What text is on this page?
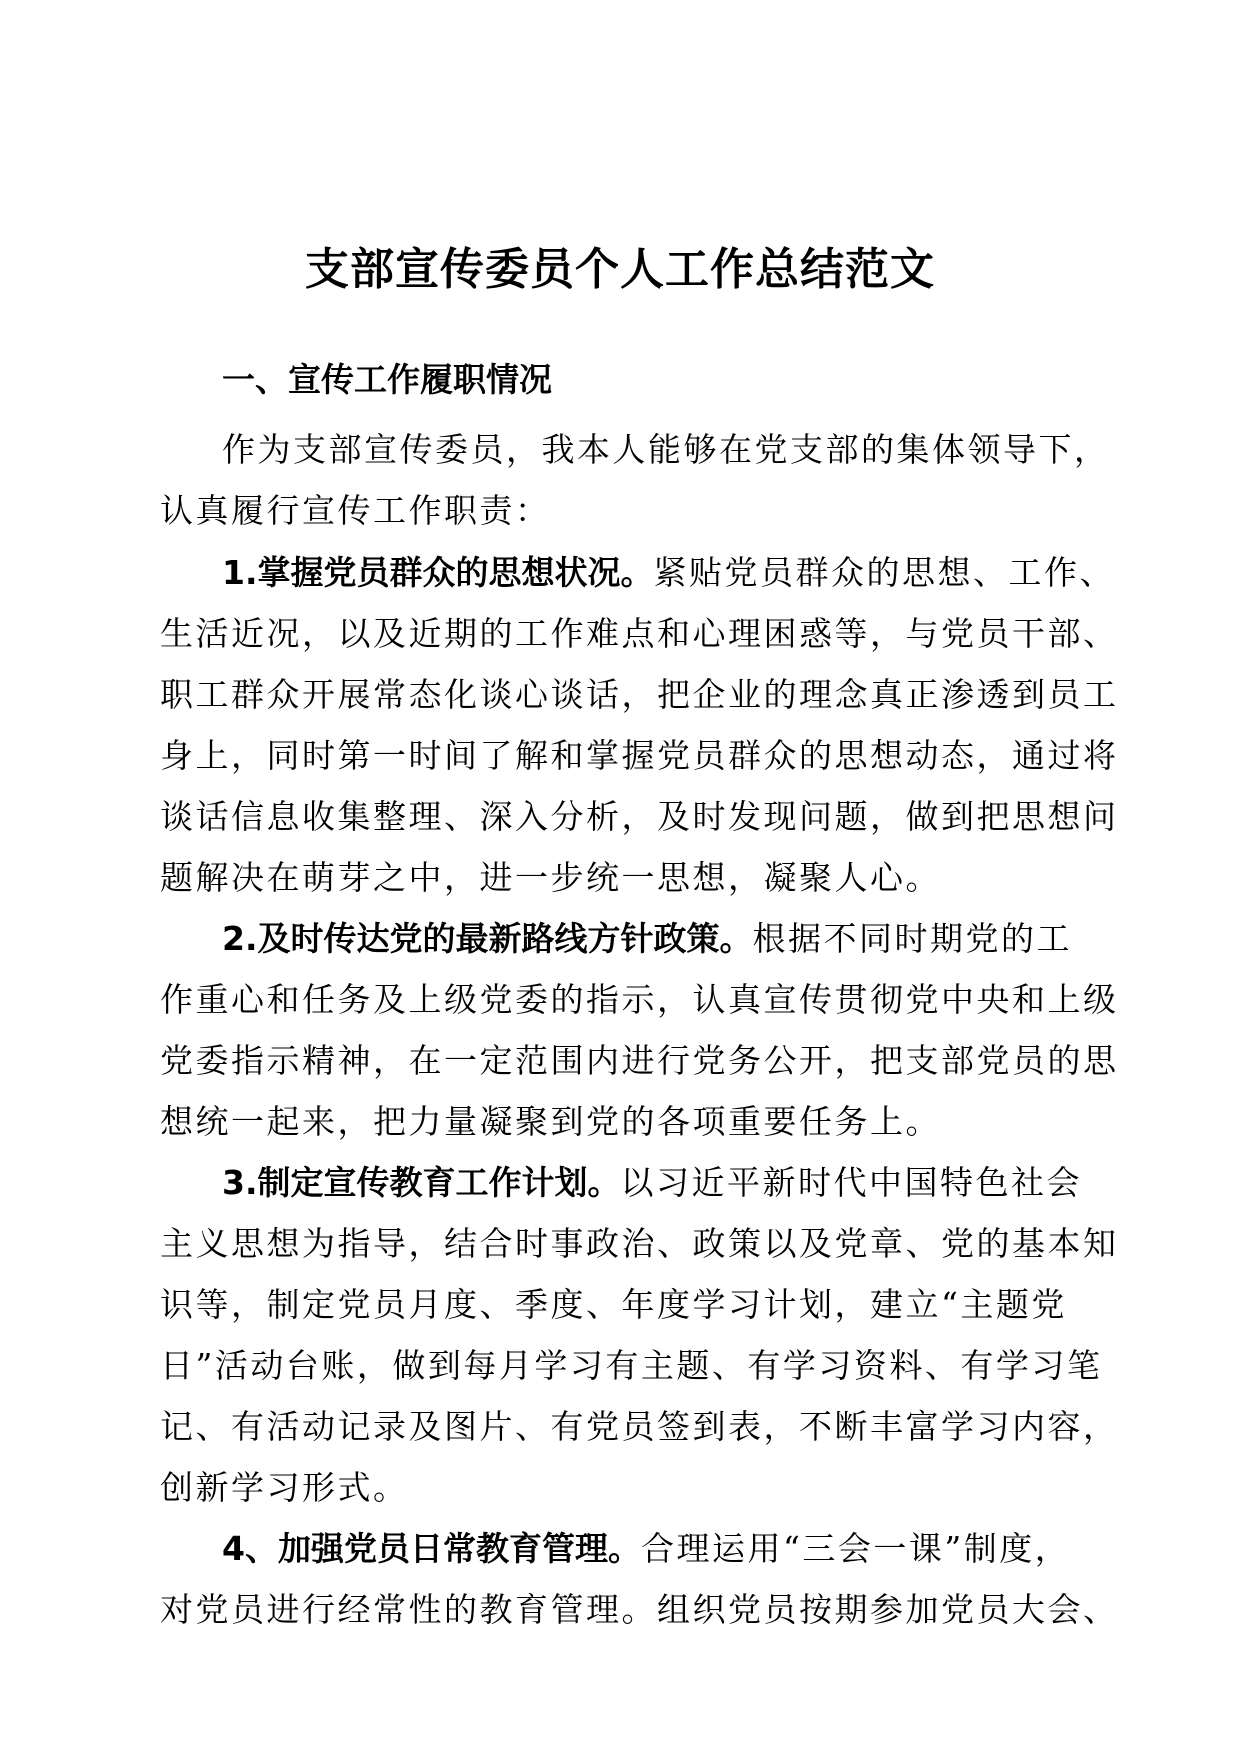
支部宣传委员个人工作总结范文
一、宣传工作履职情况
作为支部宣传委员，我本人能够在党支部的集体领导下，
认真履行宣传工作职责：
1.掌握党员群众的思想状况。紧贴党员群众的思想、工作、
生活近况，以及近期的工作难点和心理困惑等，与党员干部、
职工群众开展常态化谈心谈话，把企业的理念真正渗透到员工
身上，同时第一时间了解和掌握党员群众的思想动态，通过将
谈话信息收集整理、深入分析，及时发现问题，做到把思想问
题解决在萌芽之中，进一步统一思想，凝聚人心。
2.及时传达党的最新路线方针政策。根据不同时期党的工
作重心和任务及上级党委的指示，认真宣传贯彻党中央和上级
党委指示精神，在一定范围内进行党务公开，把支部党员的思
想统一起来，把力量凝聚到党的各项重要任务上。
3.制定宣传教育工作计划。以习近平新时代中国特色社会
主义思想为指导，结合时事政治、政策以及党章、党的基本知
识等，制定党员月度、季度、年度学习计划，建立“主题党
日”活动台账，做到每月学习有主题、有学习资料、有学习笔
记、有活动记录及图片、有党员签到表，不断丰富学习内容，
创新学习形式。
4、加强党员日常教育管理。合理运用“三会一课”制度，
对党员进行经常性的教育管理。组织党员按期参加党员大会、
